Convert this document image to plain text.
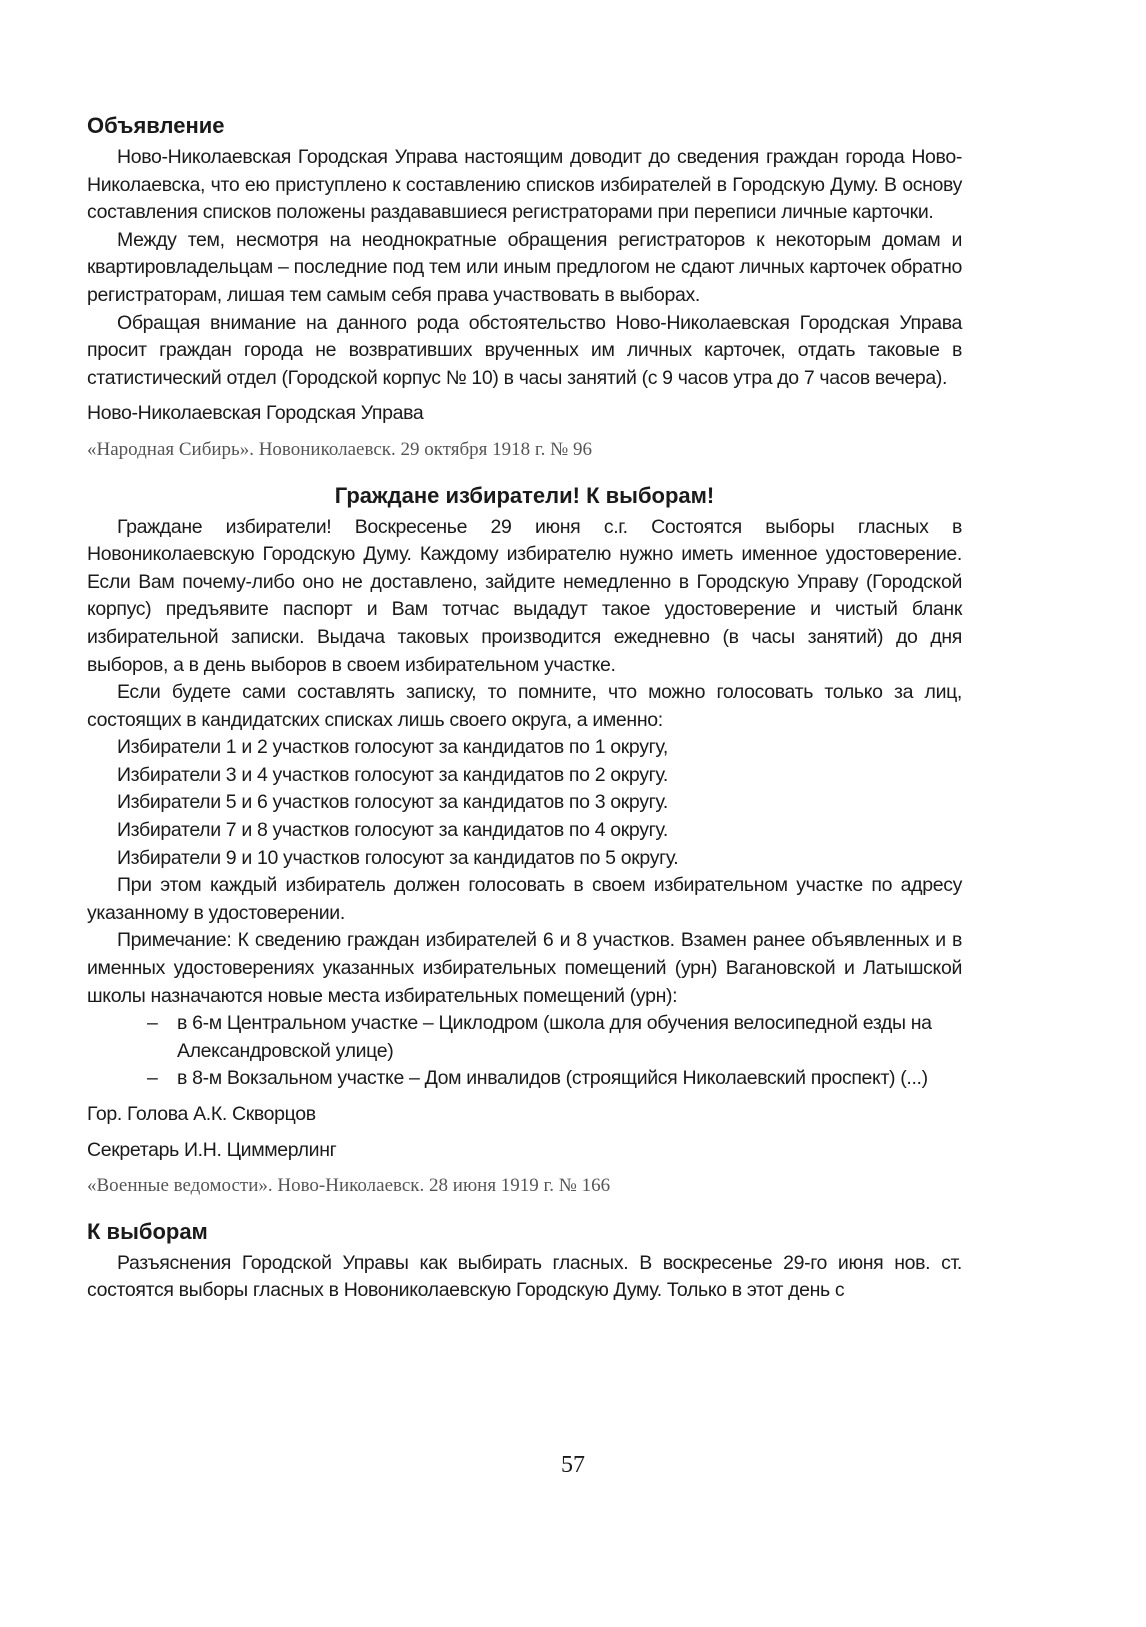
Объявление

Ново-Николаевская Городская Управа настоящим доводит до сведения граждан города Ново-Николаевска, что ею приступлено к составлению списков избирателей в Городскую Думу. В основу составления списков положены раздававшиеся регистраторами при переписи личные карточки.

Между тем, несмотря на неоднократные обращения регистраторов к некоторым домам и квартировладельцам – последние под тем или иным предлогом не сдают личных карточек обратно регистраторам, лишая тем самым себя права участвовать в выборах.

Обращая внимание на данного рода обстоятельство Ново-Николаевская Городская Управа просит граждан города не возвративших врученных им личных карточек, отдать таковые в статистический отдел (Городской корпус № 10) в часы занятий (с 9 часов утра до 7 часов вечера).

Ново-Николаевская Городская Управа

«Народная Сибирь». Новониколаевск. 29 октября 1918 г. № 96

Граждане избиратели! К выборам!

Граждане избиратели! Воскресенье 29 июня с.г. Состоятся выборы гласных в Новониколаевскую Городскую Думу. Каждому избирателю нужно иметь именное удостоверение. Если Вам почему-либо оно не доставлено, зайдите немедленно в Городскую Управу (Городской корпус) предъявите паспорт и Вам тотчас выдадут такое удостоверение и чистый бланк избирательной записки. Выдача таковых производится ежедневно (в часы занятий) до дня выборов, а в день выборов в своем избирательном участке.

Если будете сами составлять записку, то помните, что можно голосовать только за лиц, состоящих в кандидатских списках лишь своего округа, а именно:

Избиратели 1 и 2 участков голосуют за кандидатов по 1 округу,

Избиратели 3 и 4 участков голосуют за кандидатов по 2 округу.

Избиратели 5 и 6 участков голосуют за кандидатов по 3 округу.

Избиратели 7 и 8 участков голосуют за кандидатов по 4 округу.

Избиратели 9 и 10 участков голосуют за кандидатов по 5 округу.

При этом каждый избиратель должен голосовать в своем избирательном участке по адресу указанному в удостоверении.

Примечание: К сведению граждан избирателей 6 и 8 участков. Взамен ранее объявленных и в именных удостоверениях указанных избирательных помещений (урн) Вагановской и Латышской школы назначаются новые места избирательных помещений (урн):

– в 6-м Центральном участке – Циклодром (школа для обучения велосипедной езды на Александровской улице)
– в 8-м Вокзальном участке – Дом инвалидов (строящийся Николаевский проспект) (...)

Гор. Голова А.К. Скворцов

Секретарь И.Н. Циммерлинг

«Военные ведомости». Ново-Николаевск. 28 июня 1919 г. № 166

К выборам

Разъяснения Городской Управы как выбирать гласных. В воскресенье 29-го июня нов. ст. состоятся выборы гласных в Новониколаевскую Городскую Думу. Только в этот день с

57
